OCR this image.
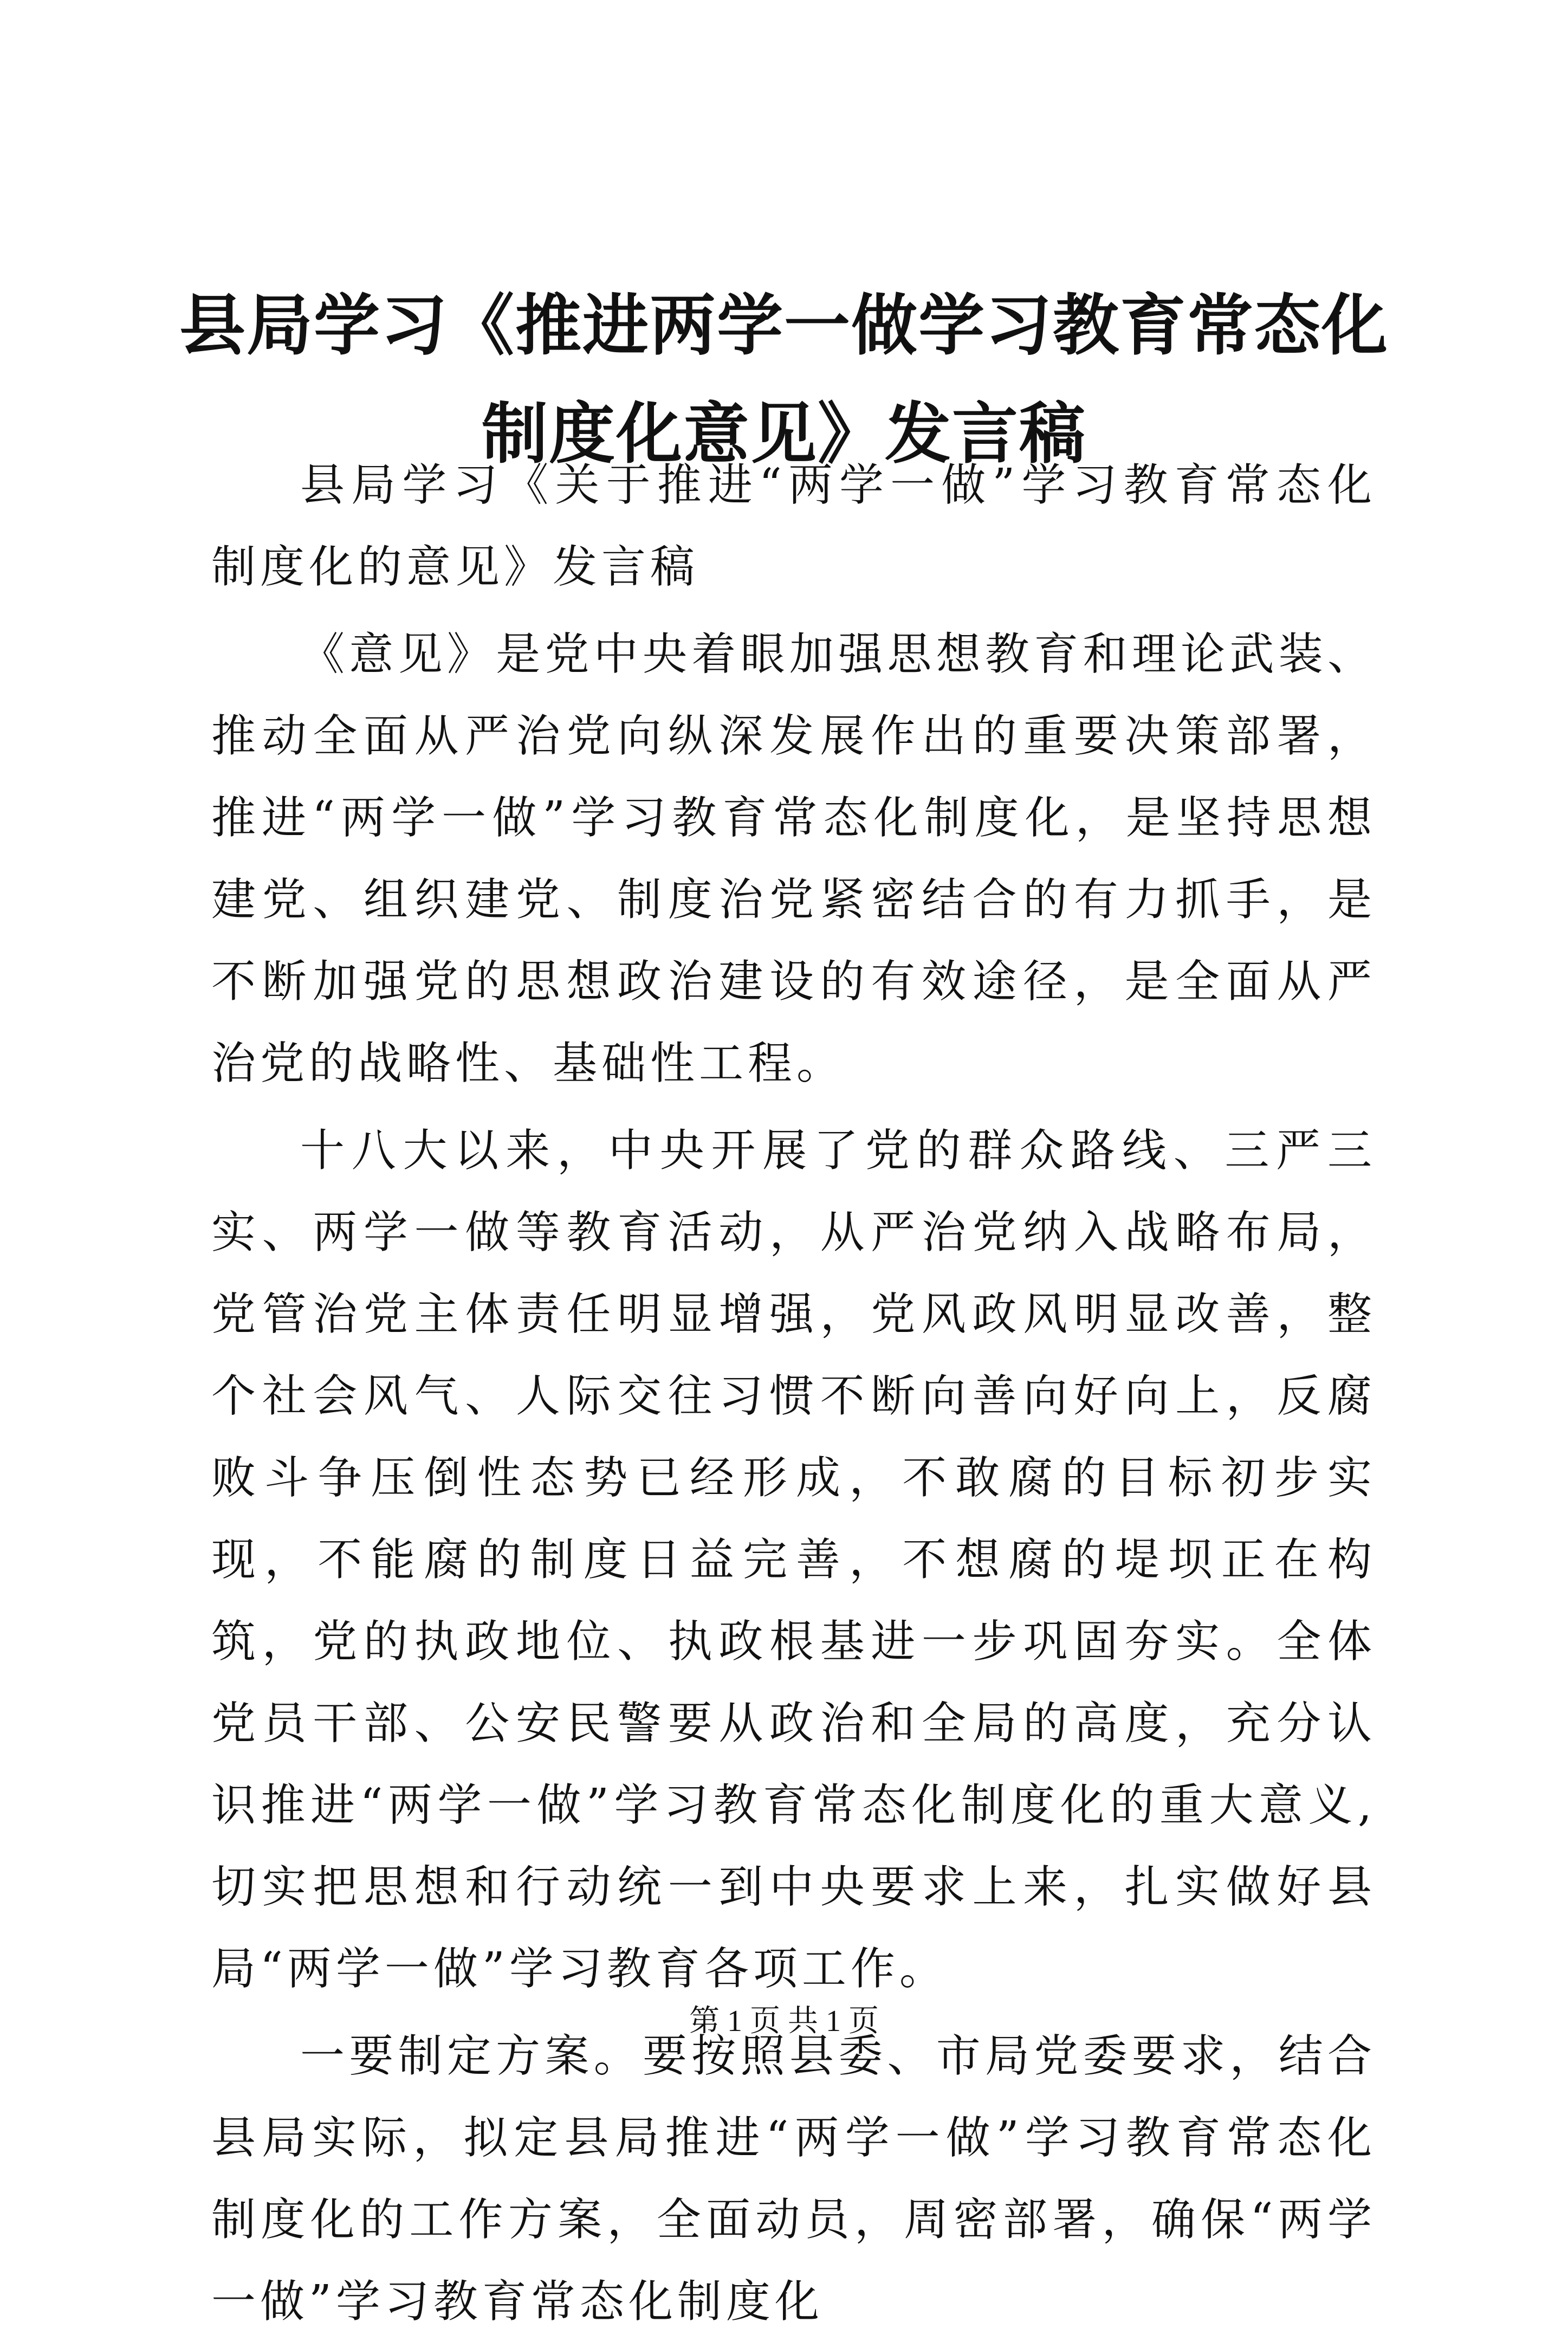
县局学习《推进两学一做学习教育常态化制度化意见》发言稿

县局学习《关于推进“两学一做”学习教育常态化制度化的意见》发言稿

《意见》是党中央着眼加强思想教育和理论武装、推动全面从严治党向纵深发展作出的重要决策部署，推进“两学一做”学习教育常态化制度化，是坚持思想建党、组织建党、制度治党紧密结合的有力抓手，是不断加强党的思想政治建设的有效途径，是全面从严治党的战略性、基础性工程。

十八大以来，中央开展了党的群众路线、三严三实、两学一做等教育活动，从严治党纳入战略布局，党管治党主体责任明显增强，党风政风明显改善，整个社会风气、人际交往习惯不断向善向好向上，反腐败斗争压倒性态势已经形成，不敢腐的目标初步实现，不能腐的制度日益完善，不想腐的堤坝正在构筑，党的执政地位、执政根基进一步巩固夯实。全体党员干部、公安民警要从政治和全局的高度，充分认识推进“两学一做”学习教育常态化制度化的重大意义,切实把思想和行动统一到中央要求上来，扎实做好县局“两学一做”学习教育各项工作。

一要制定方案。要按照县委、市局党委要求，结合县局实际，拟定县局推进“两学一做”学习教育常态化制度化的工作方案，全面动员，周密部署，确保“两学一做”学习教育常态化制度化

第 1 页 共 1 页
